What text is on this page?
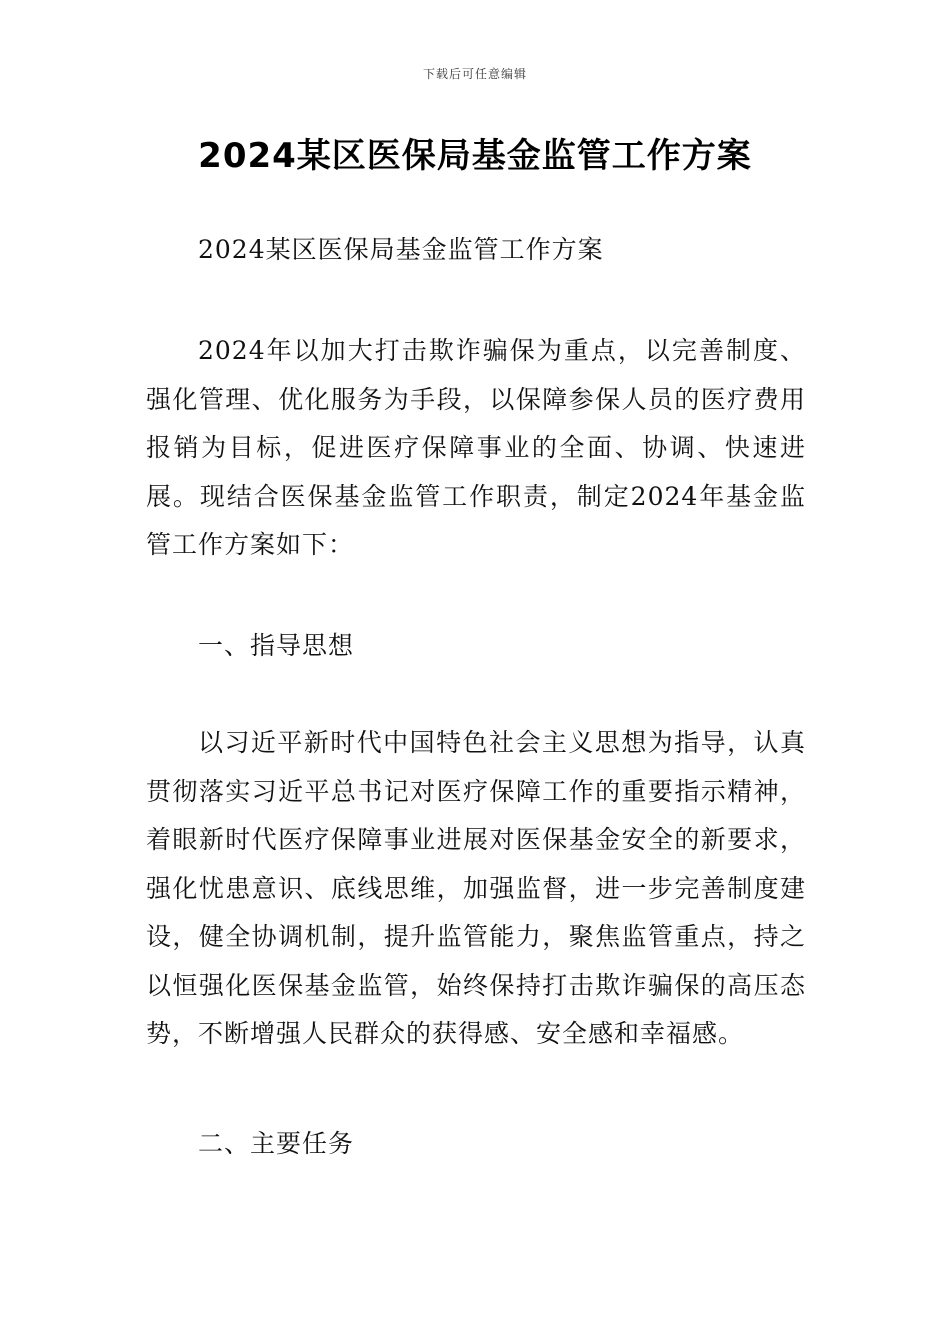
下载后可任意编辑
2024某区医保局基金监管工作方案

2024某区医保局基金监管工作方案

2024年以加大打击欺诈骗保为重点，以完善制度、强化管理、优化服务为手段，以保障参保人员的医疗费用报销为目标，促进医疗保障事业的全面、协调、快速进展。现结合医保基金监管工作职责，制定2024年基金监管工作方案如下：

一、指导思想

以习近平新时代中国特色社会主义思想为指导，认真贯彻落实习近平总书记对医疗保障工作的重要指示精神，着眼新时代医疗保障事业进展对医保基金安全的新要求，强化忧患意识、底线思维，加强监督，进一步完善制度建设，健全协调机制，提升监管能力，聚焦监管重点，持之以恒强化医保基金监管，始终保持打击欺诈骗保的高压态势，不断增强人民群众的获得感、安全感和幸福感。

二、主要任务
